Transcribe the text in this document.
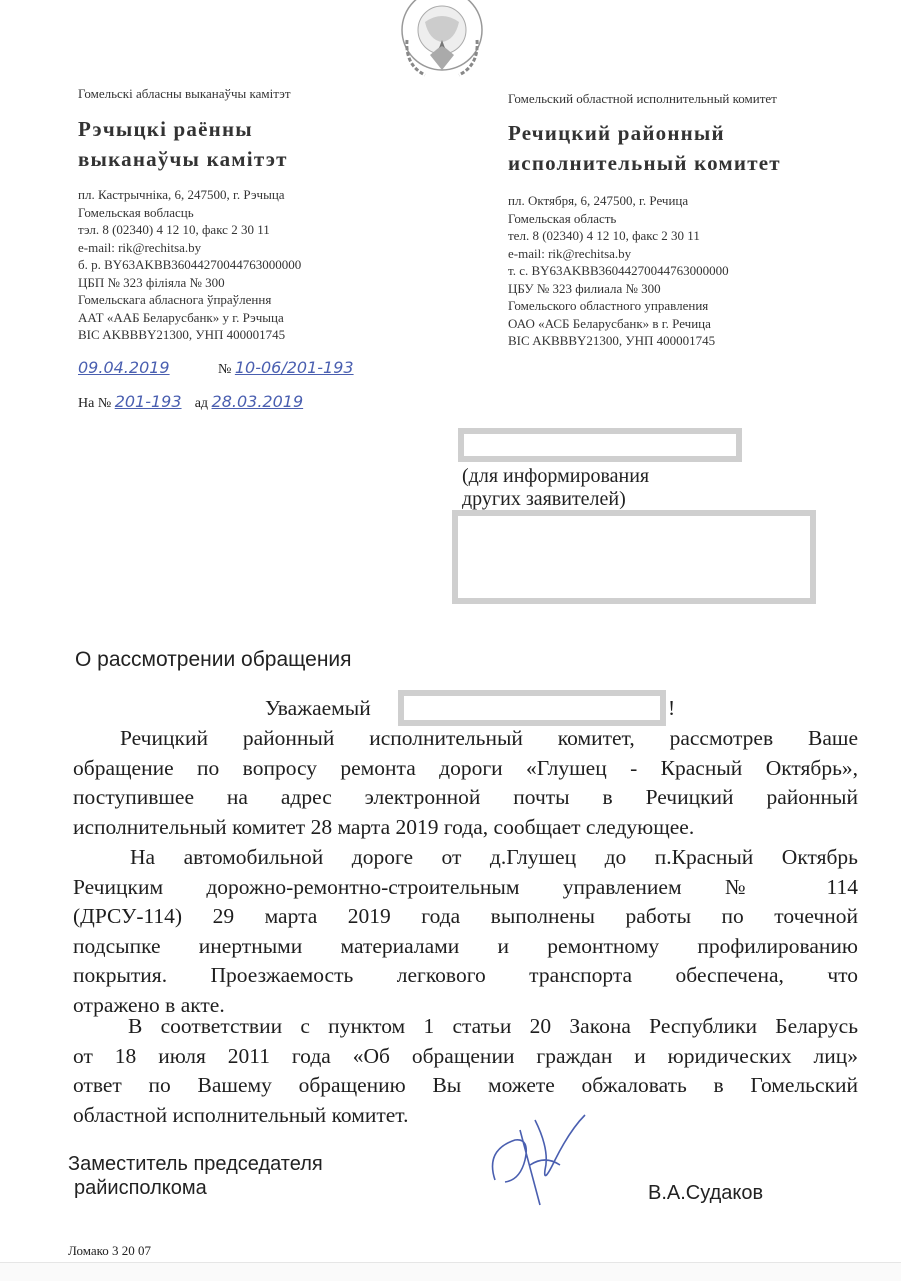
Гомельскі абласны выканаўчы камітэт
Рэчыцкі раённы
выканаўчы камітэт
пл. Кастрычніка, 6, 247500, г. Рэчыца
Гомельская вобласць
тэл. 8 (02340) 4 12 10, факс 2 30 11
e-mail: rik@rechitsa.by
б. р. BY63AKBB36044270044763000000
ЦБП № 323 філіяла № 300
Гомельскага абласнога ўпраўлення
ААТ «ААБ Беларусбанк» у г. Рэчыца
BIC AKBBBY21300, УНП 400001745
09.04.2019	№ 10-06/201-193
На № 201-193 ад 28.03.2019
Гомельский областной исполнительный комитет
Речицкий районный
исполнительный комитет
пл. Октября, 6, 247500, г. Речица
Гомельская область
тел. 8 (02340) 4 12 10, факс 2 30 11
e-mail: rik@rechitsa.by
т. с. BY63AKBB36044270044763000000
ЦБУ № 323 филиала № 300
Гомельского областного управления
ОАО «АСБ Беларусбанк» в г. Речица
BIC AKBBBY21300, УНП 400001745
(для информирования
других заявителей)
О рассмотрении обращения
Уважаемый	!
Речицкий районный исполнительный комитет, рассмотрев Ваше
обращение по вопросу ремонта дороги «Глушец - Красный Октябрь»,
поступившее на адрес электронной почты в Речицкий районный
исполнительный комитет 28 марта 2019 года, сообщает следующее.
На автомобильной дороге от д.Глушец до п.Красный Октябрь
Речицким дорожно-ремонтно-строительным управлением № 114
(ДРСУ-114) 29 марта 2019 года выполнены работы по точечной
подсыпке инертными материалами и ремонтному профилированию
покрытия. Проезжаемость легкового транспорта обеспечена, что
отражено в акте.
В соответствии с пунктом 1 статьи 20 Закона Республики Беларусь
от 18 июля 2011 года «Об обращении граждан и юридических лиц»
ответ по Вашему обращению Вы можете обжаловать в Гомельский
областной исполнительный комитет.
Заместитель председателя
райисполкома	В.А.Судаков
Ломако 3 20 07
